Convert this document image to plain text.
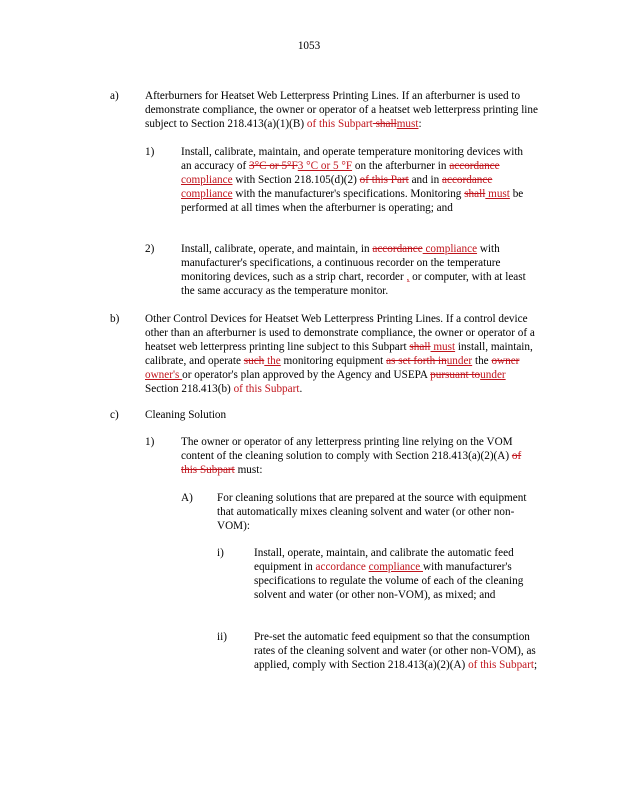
1053
a) Afterburners for Heatset Web Letterpress Printing Lines. If an afterburner is used to demonstrate compliance, the owner or operator of a heatset web letterpress printing line subject to Section 218.413(a)(1)(B) of this Subpart shallmust:
1) Install, calibrate, maintain, and operate temperature monitoring devices with an accuracy of 3°C or 5°F3 °C or 5 °F on the afterburner in accordance compliance with Section 218.105(d)(2) of this Part and in accordance compliance with the manufacturer's specifications. Monitoring shall must be performed at all times when the afterburner is operating; and
2) Install, calibrate, operate, and maintain, in accordance compliance with manufacturer's specifications, a continuous recorder on the temperature monitoring devices, such as a strip chart, recorder , or computer, with at least the same accuracy as the temperature monitor.
b) Other Control Devices for Heatset Web Letterpress Printing Lines. If a control device other than an afterburner is used to demonstrate compliance, the owner or operator of a heatset web letterpress printing line subject to this Subpart shall must install, maintain, calibrate, and operate such the monitoring equipment as set forth inunder the owner owner's or operator's plan approved by the Agency and USEPA pursuant tounder Section 218.413(b) of this Subpart.
c) Cleaning Solution
1) The owner or operator of any letterpress printing line relying on the VOM content of the cleaning solution to comply with Section 218.413(a)(2)(A) of this Subpart must:
A) For cleaning solutions that are prepared at the source with equipment that automatically mixes cleaning solvent and water (or other non-VOM):
i)	Install, operate, maintain, and calibrate the automatic feed equipment in accordance compliance with manufacturer's specifications to regulate the volume of each of the cleaning solvent and water (or other non-VOM), as mixed; and
ii) Pre-set the automatic feed equipment so that the consumption rates of the cleaning solvent and water (or other non-VOM), as applied, comply with Section 218.413(a)(2)(A) of this Subpart;
